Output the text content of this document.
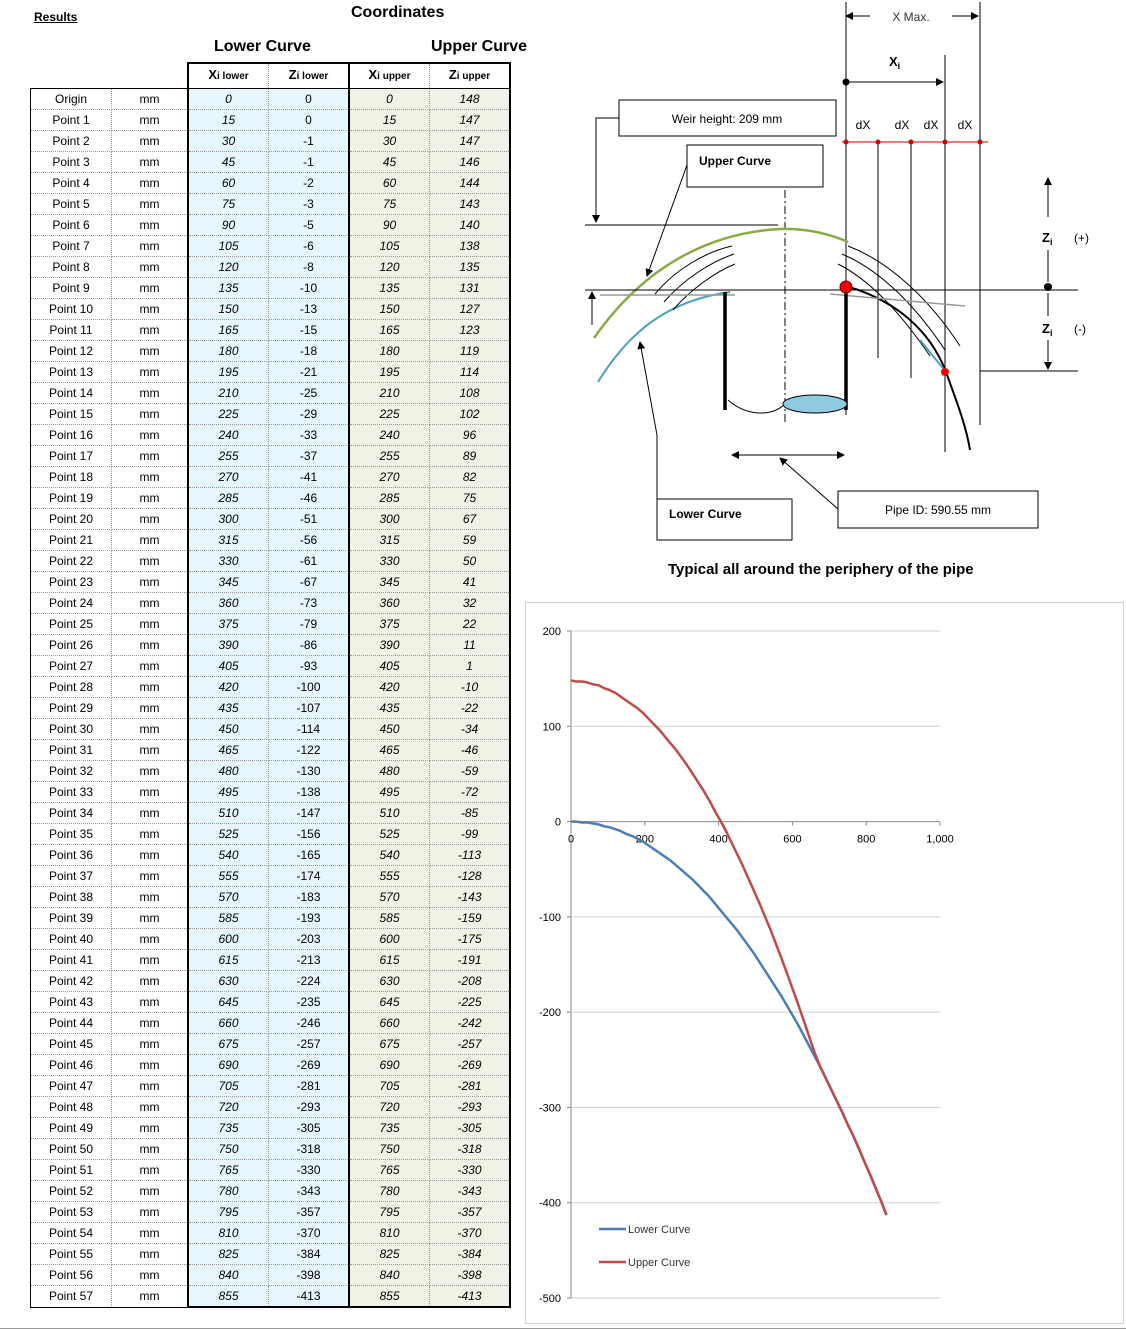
Results	Coordinates
Lower Curve	Upper Curve
		Xi lower	Zi lower	Xi upper	Zi upper
Origin	mm	0	0	0	148
Point 1	mm	15	0	15	147
Point 2	mm	30	-1	30	147
Point 3	mm	45	-1	45	146
Point 4	mm	60	-2	60	144
Point 5	mm	75	-3	75	143
Point 6	mm	90	-5	90	140
Point 7	mm	105	-6	105	138
Point 8	mm	120	-8	120	135
Point 9	mm	135	-10	135	131
Point 10	mm	150	-13	150	127
Point 11	mm	165	-15	165	123
Point 12	mm	180	-18	180	119
Point 13	mm	195	-21	195	114
Point 14	mm	210	-25	210	108
Point 15	mm	225	-29	225	102
Point 16	mm	240	-33	240	96
Point 17	mm	255	-37	255	89
Point 18	mm	270	-41	270	82
Point 19	mm	285	-46	285	75
Point 20	mm	300	-51	300	67
Point 21	mm	315	-56	315	59
Point 22	mm	330	-61	330	50
Point 23	mm	345	-67	345	41
Point 24	mm	360	-73	360	32
Point 25	mm	375	-79	375	22
Point 26	mm	390	-86	390	11
Point 27	mm	405	-93	405	1
Point 28	mm	420	-100	420	-10
Point 29	mm	435	-107	435	-22
Point 30	mm	450	-114	450	-34
Point 31	mm	465	-122	465	-46
Point 32	mm	480	-130	480	-59
Point 33	mm	495	-138	495	-72
Point 34	mm	510	-147	510	-85
Point 35	mm	525	-156	525	-99
Point 36	mm	540	-165	540	-113
Point 37	mm	555	-174	555	-128
Point 38	mm	570	-183	570	-143
Point 39	mm	585	-193	585	-159
Point 40	mm	600	-203	600	-175
Point 41	mm	615	-213	615	-191
Point 42	mm	630	-224	630	-208
Point 43	mm	645	-235	645	-225
Point 44	mm	660	-246	660	-242
Point 45	mm	675	-257	675	-257
Point 46	mm	690	-269	690	-269
Point 47	mm	705	-281	705	-281
Point 48	mm	720	-293	720	-293
Point 49	mm	735	-305	735	-305
Point 50	mm	750	-318	750	-318
Point 51	mm	765	-330	765	-330
Point 52	mm	780	-343	780	-343
Point 53	mm	795	-357	795	-357
Point 54	mm	810	-370	810	-370
Point 55	mm	825	-384	825	-384
Point 56	mm	840	-398	840	-398
Point 57	mm	855	-413	855	-413
X Max.
$X_i$
dX dX dX dX
Weir height: 209 mm
Upper Curve
Pipe ID: 590.55 mm
Lower Curve
$Z_i$ (+)
$Z_i$ (-)
Typical all around the periphery of the pipe
200
100
0
-100
-200
-300
-400
-500
0	200	400	600	800	1,000
Lower Curve
Upper Curve
